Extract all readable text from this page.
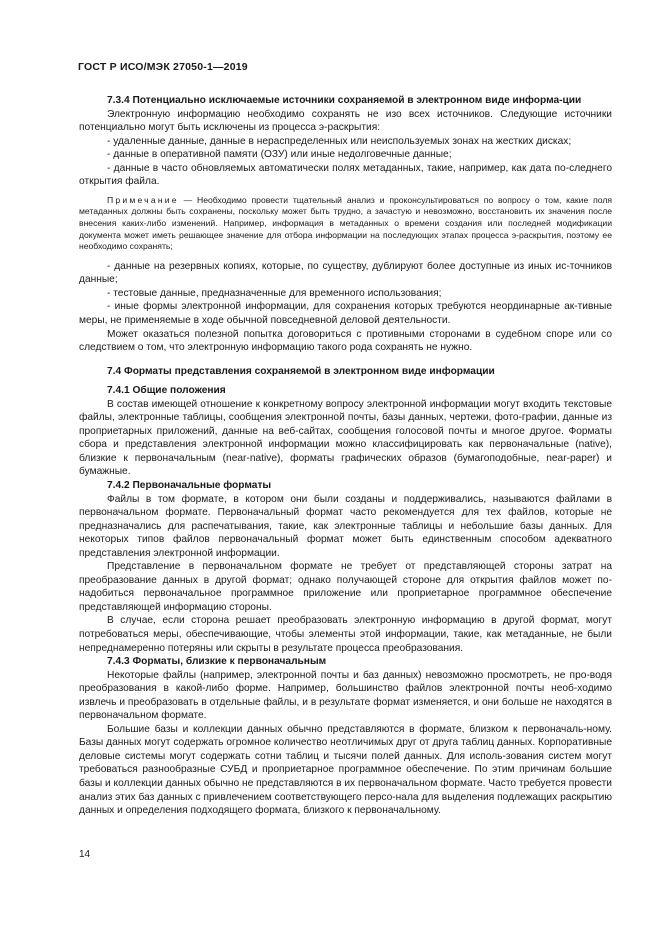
ГОСТ Р ИСО/МЭК 27050-1—2019

7.3.4 Потенциально исключаемые источники сохраняемой в электронном виде информа-ции

Электронную информацию необходимо сохранять не изо всех источников. Следующие источники потенциально могут быть исключены из процесса э-раскрытия:

- удаленные данные, данные в нераспределенных или неиспользуемых зонах на жестких дисках;

- данные в оперативной памяти (ОЗУ) или иные недолговечные данные;

- данные в часто обновляемых автоматически полях метаданных, такие, например, как дата по-следнего открытия файла.

Примечание — Необходимо провести тщательный анализ и проконсультироваться по вопросу о том, какие поля метаданных должны быть сохранены, поскольку может быть трудно, а зачастую и невозможно, восстановить их значения после внесения каких-либо изменений. Например, информация в метаданных о времени создания или последней модификации документа может иметь решающее значение для отбора информации на последующих этапах процесса э-раскрытия, поэтому ее необходимо сохранять;

- данные на резервных копиях, которые, по существу, дублируют более доступные из иных ис-точников данные;

- тестовые данные, предназначенные для временного использования;

- иные формы электронной информации, для сохранения которых требуются неординарные ак-тивные меры, не применяемые в ходе обычной повседневной деловой деятельности.

Может оказаться полезной попытка договориться с противными сторонами в судебном споре или со следствием о том, что электронную информацию такого рода сохранять не нужно.

7.4 Форматы представления сохраняемой в электронном виде информации

7.4.1 Общие положения

В состав имеющей отношение к конкретному вопросу электронной информации могут входить текстовые файлы, электронные таблицы, сообщения электронной почты, базы данных, чертежи, фото-графии, данные из проприетарных приложений, данные на веб-сайтах, сообщения голосовой почты и многое другое. Форматы сбора и представления электронной информации можно классифицировать как первоначальные (native), близкие к первоначальным (near-native), форматы графических образов (бумагоподобные, near-paper) и бумажные.

7.4.2 Первоначальные форматы

Файлы в том формате, в котором они были созданы и поддерживались, называются файлами в первоначальном формате. Первоначальный формат часто рекомендуется для тех файлов, которые не предназначались для распечатывания, такие, как электронные таблицы и небольшие базы данных. Для некоторых типов файлов первоначальный формат может быть единственным способом адекватного представления электронной информации.

Представление в первоначальном формате не требует от представляющей стороны затрат на преобразование данных в другой формат; однако получающей стороне для открытия файлов может по-надобиться первоначальное программное приложение или проприетарное программное обеспечение представляющей информацию стороны.

В случае, если сторона решает преобразовать электронную информацию в другой формат, могут потребоваться меры, обеспечивающие, чтобы элементы этой информации, такие, как метаданные, не были непреднамеренно потеряны или скрыты в результате процесса преобразования.

7.4.3 Форматы, близкие к первоначальным

Некоторые файлы (например, электронной почты и баз данных) невозможно просмотреть, не про-водя преобразования в какой-либо форме. Например, большинство файлов электронной почты необ-ходимо извлечь и преобразовать в отдельные файлы, и в результате формат изменяется, и они больше не находятся в первоначальном формате.

Большие базы и коллекции данных обычно представляются в формате, близком к первоначаль-ному. Базы данных могут содержать огромное количество неотличимых друг от друга таблиц данных. Корпоративные деловые системы могут содержать сотни таблиц и тысячи полей данных. Для исполь-зования систем могут требоваться разнообразные СУБД и проприетарное программное обеспечение. По этим причинам большие базы и коллекции данных обычно не представляются в их первоначальном формате. Часто требуется провести анализ этих баз данных с привлечением соответствующего персо-нала для выделения подлежащих раскрытию данных и определения подходящего формата, близкого к первоначальному.

14
